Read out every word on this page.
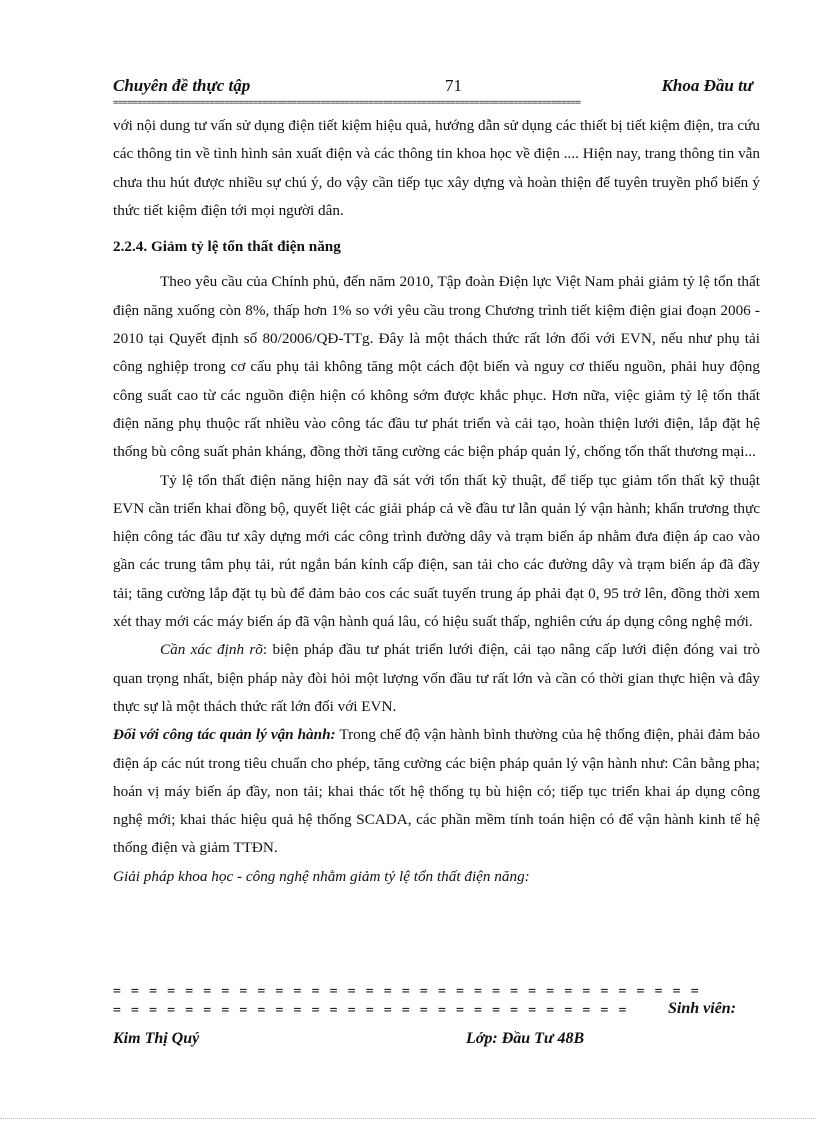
Chuyên đề thực tập	71	Khoa Đầu tư
=================================================================================================

với nội dung tư vấn sử dụng điện tiết kiệm hiệu quả, hướng dẫn sử dụng các thiết bị tiết kiệm điện, tra cứu các thông tin về tình hình sản xuất điện và các thông tin khoa học về điện .... Hiện nay, trang thông tin vẫn chưa thu hút được nhiều sự chú ý, do vậy cần tiếp tục xây dựng và hoàn thiện để tuyên truyền phổ biến ý thức tiết kiệm điện tới mọi người dân.

2.2.4. Giảm tỷ lệ tổn thất điện năng

Theo yêu cầu của Chính phủ, đến năm 2010, Tập đoàn Điện lực Việt Nam phải giảm tỷ lệ tổn thất điện năng xuống còn 8%, thấp hơn 1% so với yêu cầu trong Chương trình tiết kiệm điện giai đoạn 2006 - 2010 tại Quyết định số 80/2006/QĐ-TTg. Đây là một thách thức rất lớn đối với EVN, nếu như phụ tải công nghiệp trong cơ cấu phụ tải không tăng một cách đột biến và nguy cơ thiếu nguồn, phải huy động công suất cao từ các nguồn điện hiện có không sớm được khắc phục. Hơn nữa, việc giảm tỷ lệ tổn thất điện năng phụ thuộc rất nhiều vào công tác đầu tư phát triển và cải tạo, hoàn thiện lưới điện, lắp đặt hệ thống bù công suất phản kháng, đồng thời tăng cường các biện pháp quản lý, chống tổn thất thương mại...

Tỷ lệ tổn thất điện năng hiện nay đã sát với tổn thất kỹ thuật, để tiếp tục giảm tổn thất kỹ thuật EVN cần triển khai đồng bộ, quyết liệt các giải pháp cả về đầu tư lẫn quản lý vận hành; khẩn trương thực hiện công tác đầu tư xây dựng mới các công trình đường dây và trạm biến áp nhằm đưa điện áp cao vào gần các trung tâm phụ tải, rút ngắn bán kính cấp điện, san tải cho các đường dây và trạm biến áp đã đầy tải; tăng cường lắp đặt tụ bù để đảm bảo cos các suất tuyến trung áp phải đạt 0, 95 trở lên, đồng thời xem xét thay mới các máy biến áp đã vận hành quá lâu, có hiệu suất thấp, nghiên cứu áp dụng công nghệ mới.

Cần xác định rõ: biện pháp đầu tư phát triển lưới điện, cải tạo nâng cấp lưới điện đóng vai trò quan trọng nhất, biện pháp này đòi hỏi một lượng vốn đầu tư rất lớn và cần có thời gian thực hiện và đây thực sự là một thách thức rất lớn đối với EVN.

Đối với công tác quản lý vận hành: Trong chế độ vận hành bình thường của hệ thống điện, phải đảm bảo điện áp các nút trong tiêu chuẩn cho phép, tăng cường các biện pháp quản lý vận hành như: Cân bằng pha; hoán vị máy biến áp đầy, non tải; khai thác tốt hệ thống tụ bù hiện có; tiếp tục triển khai áp dụng công nghệ mới; khai thác hiệu quả hệ thống SCADA, các phần mềm tính toán hiện có để vận hành kinh tế hệ thống điện và giảm TTĐN.

Giải pháp khoa học - công nghệ nhằm giảm tỷ lệ tổn thất điện năng:

= = = = = = = = = = = = = = = = = = = = = = = = = = = = = = = = =
= = = = = = = = = = = = = = = = = = = = = = = = = = = = =	Sinh viên:
Kim Thị Quý	Lớp: Đầu Tư 48B
